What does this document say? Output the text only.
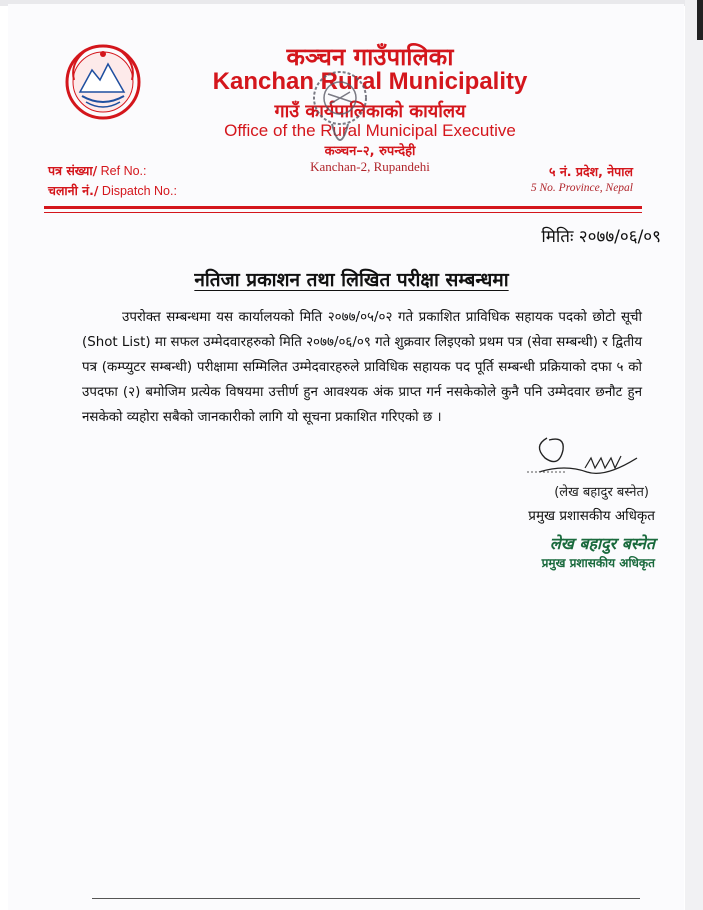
कञ्चन गाउँपालिका
Kanchan Rural Municipality
गाउँ कार्यपालिकाको कार्यालय
Office of the Rural Municipal Executive
कञ्चन–२, रुपन्देही
Kanchan-2, Rupandehi
पत्र संख्या/ Ref No.:
चलानी नं./ Dispatch No.:
५ नं. प्रदेश, नेपाल
5 No. Province, Nepal
मितिः २०७७/०६/०९
नतिजा प्रकाशन तथा लिखित परीक्षा सम्बन्धमा
उपरोक्त सम्बन्धमा यस कार्यालयको मिति २०७७/०५/०२ गते प्रकाशित प्राविधिक सहायक पदको छोटो सूची (Shot List) मा सफल उम्मेदवारहरुको मिति २०७७/०६/०९ गते शुक्रवार लिइएको प्रथम पत्र (सेवा सम्बन्धी) र द्वितीय पत्र (कम्प्युटर सम्बन्धी) परीक्षामा सम्मिलित उम्मेदवारहरुले प्राविधिक सहायक पद पूर्ति सम्बन्धी प्रक्रियाको दफा ५ को उपदफा (२) बमोजिम प्रत्येक विषयमा उत्तीर्ण हुन आवश्यक अंक प्राप्त गर्न नसकेकोले कुनै पनि उम्मेदवार छनौट हुन नसकेको व्यहोरा सबैको जानकारीको लागि यो सूचना प्रकाशित गरिएको छ ।
(लेख बहादुर बस्नेत)
प्रमुख प्रशासकीय अधिकृत
लेख बहादुर बस्नेत
प्रमुख प्रशासकीय अधिकृत
